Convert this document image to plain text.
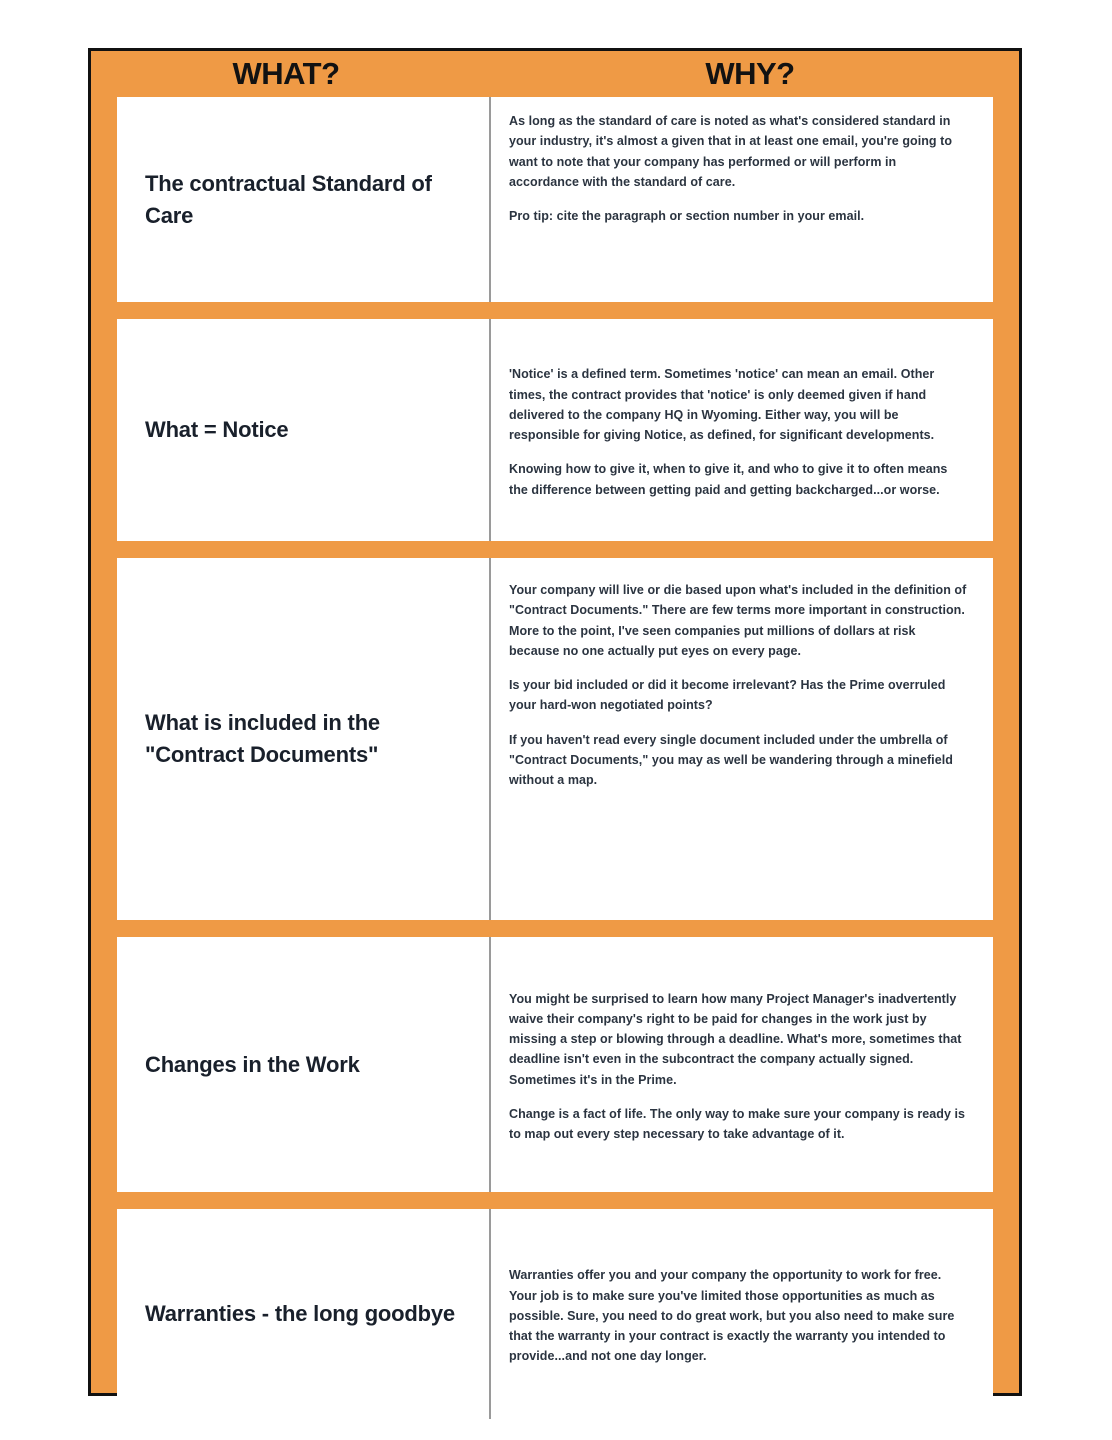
WHAT?	WHY?
The contractual Standard of Care

As long as the standard of care is noted as what's considered standard in your industry, it's almost a given that in at least one email, you're going to want to note that your company has performed or will perform in accordance with the standard of care.

Pro tip: cite the paragraph or section number in your email.

What = Notice

'Notice' is a defined term. Sometimes 'notice' can mean an email. Other times, the contract provides that 'notice' is only deemed given if hand delivered to the company HQ in Wyoming. Either way, you will be responsible for giving Notice, as defined, for significant developments.

Knowing how to give it, when to give it, and who to give it to often means the difference between getting paid and getting backcharged...or worse.

What is included in the "Contract Documents"

Your company will live or die based upon what's included in the definition of "Contract Documents." There are few terms more important in construction. More to the point, I've seen companies put millions of dollars at risk because no one actually put eyes on every page.

Is your bid included or did it become irrelevant? Has the Prime overruled your hard-won negotiated points?

If you haven't read every single document included under the umbrella of "Contract Documents," you may as well be wandering through a minefield without a map.

Changes in the Work

You might be surprised to learn how many Project Manager's inadvertently waive their company's right to be paid for changes in the work just by missing a step or blowing through a deadline. What's more, sometimes that deadline isn't even in the subcontract the company actually signed. Sometimes it's in the Prime.

Change is a fact of life. The only way to make sure your company is ready is to map out every step necessary to take advantage of it.

Warranties - the long goodbye

Warranties offer you and your company the opportunity to work for free. Your job is to make sure you've limited those opportunities as much as possible. Sure, you need to do great work, but you also need to make sure that the warranty in your contract is exactly the warranty you intended to provide...and not one day longer.
